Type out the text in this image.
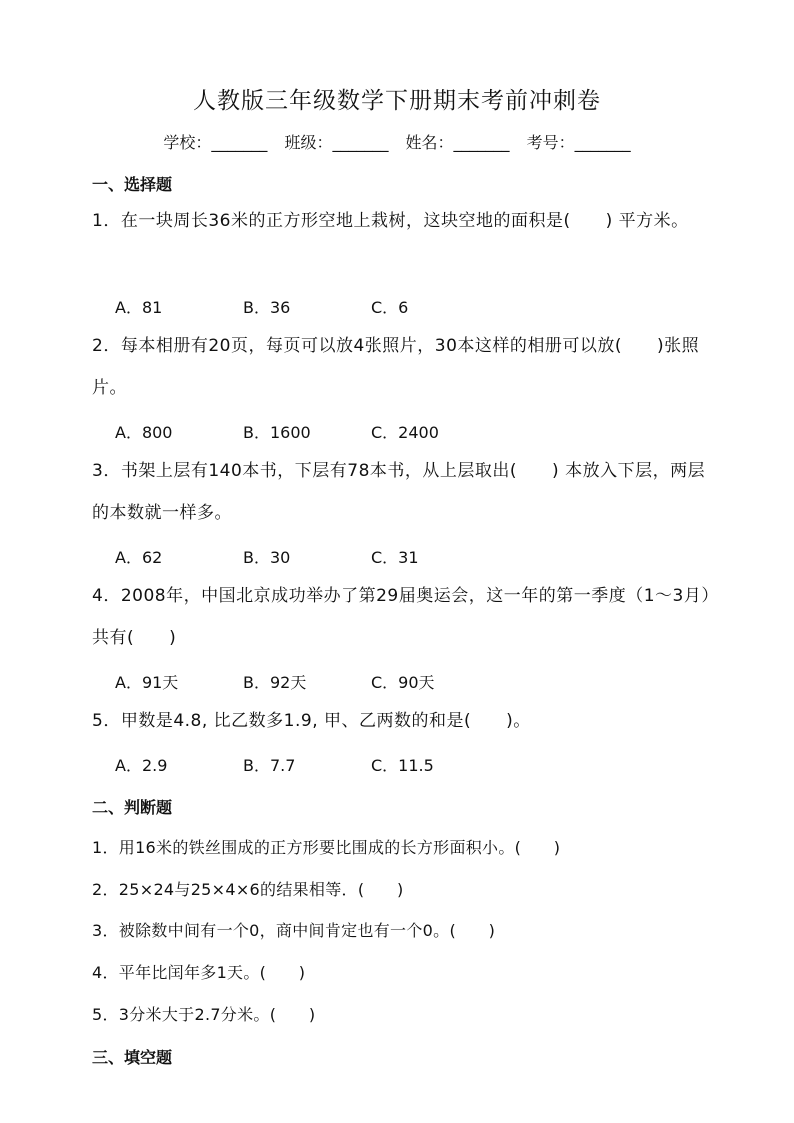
人教版三年级数学下册期末考前冲刺卷
学校：_______ 班级：_______ 姓名：_______ 考号：_______
一、选择题
1．在一块周长36米的正方形空地上栽树，这块空地的面积是(　　) 平方米。
A．81	B．36	C．6
2．每本相册有20页，每页可以放4张照片，30本这样的相册可以放(　　)张照片。
A．800	B．1600	C．2400
3．书架上层有140本书，下层有78本书，从上层取出(　　) 本放入下层，两层的本数就一样多。
A．62	B．30	C．31
4．2008年，中国北京成功举办了第29届奥运会，这一年的第一季度（1～3月）共有(　　)
A．91天	B．92天	C．90天
5．甲数是4.8, 比乙数多1.9, 甲、乙两数的和是(　　)。
A．2.9	B．7.7	C．11.5
二、判断题
1．用16米的铁丝围成的正方形要比围成的长方形面积小。(　　)
2．25×24与25×4×6的结果相等．(　　)
3．被除数中间有一个0，商中间肯定也有一个0。(　　)
4．平年比闰年多1天。(　　)
5．3分米大于2.7分米。(　　)
三、填空题
